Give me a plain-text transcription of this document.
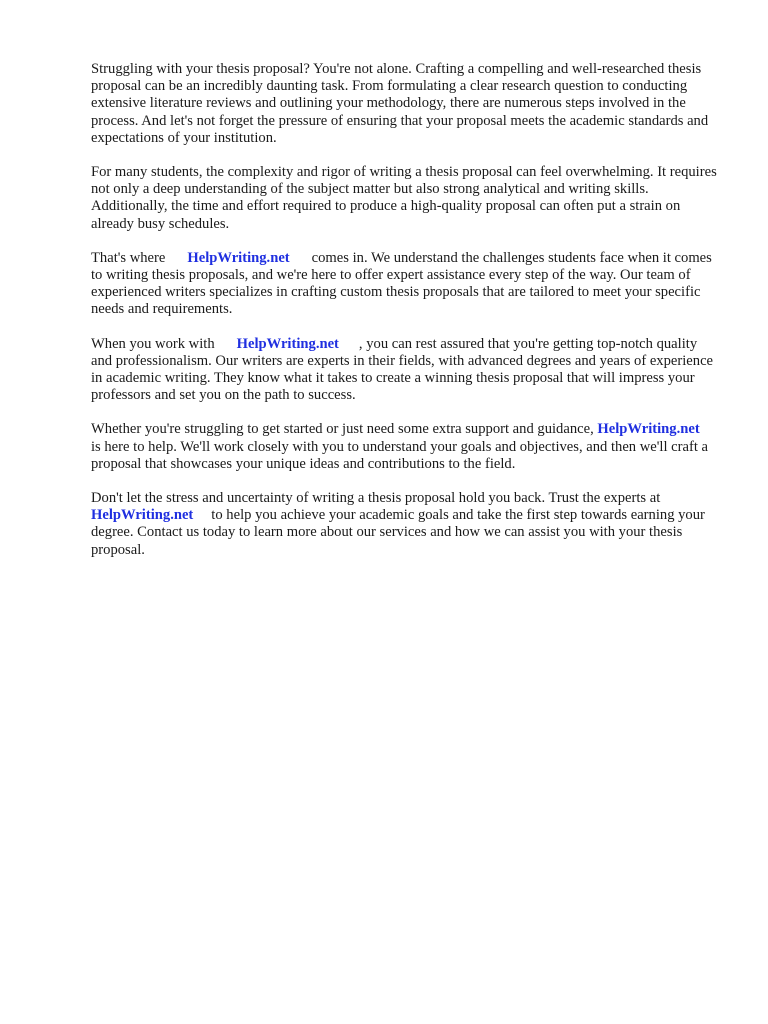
Struggling with your thesis proposal? You're not alone. Crafting a compelling and well-researched thesis proposal can be an incredibly daunting task. From formulating a clear research question to conducting extensive literature reviews and outlining your methodology, there are numerous steps involved in the process. And let's not forget the pressure of ensuring that your proposal meets the academic standards and expectations of your institution.

For many students, the complexity and rigor of writing a thesis proposal can feel overwhelming. It requires not only a deep understanding of the subject matter but also strong analytical and writing skills. Additionally, the time and effort required to produce a high-quality proposal can often put a strain on already busy schedules.

That's where HelpWriting.net comes in. We understand the challenges students face when it comes to writing thesis proposals, and we're here to offer expert assistance every step of the way. Our team of experienced writers specializes in crafting custom thesis proposals that are tailored to meet your specific needs and requirements.

When you work with HelpWriting.net , you can rest assured that you're getting top-notch quality and professionalism. Our writers are experts in their fields, with advanced degrees and years of experience in academic writing. They know what it takes to create a winning thesis proposal that will impress your professors and set you on the path to success.

Whether you're struggling to get started or just need some extra support and guidance, HelpWriting.netis here to help. We'll work closely with you to understand your goals and objectives, and then we'll craft a proposal that showcases your unique ideas and contributions to the field.

Don't let the stress and uncertainty of writing a thesis proposal hold you back. Trust the experts at HelpWriting.net to help you achieve your academic goals and take the first step towards earning your degree. Contact us today to learn more about our services and how we can assist you with your thesis proposal.
